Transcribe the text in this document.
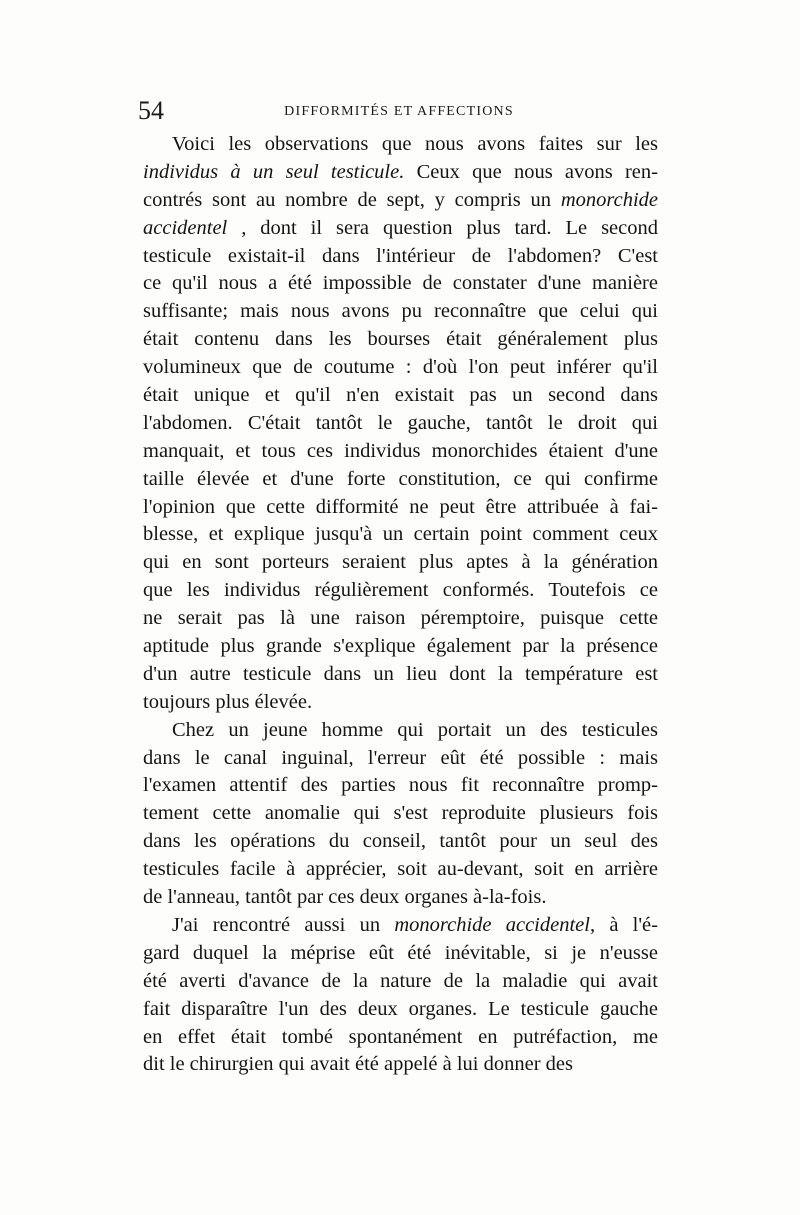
54	DIFFORMITÉS ET AFFECTIONS
Voici les observations que nous avons faites sur les
individus à un seul testicule. Ceux que nous avons ren-
contrés sont au nombre de sept, y compris un monorchide
accidentel , dont il sera question plus tard. Le second
testicule existait-il dans l'intérieur de l'abdomen? C'est
ce qu'il nous a été impossible de constater d'une manière
suffisante; mais nous avons pu reconnaître que celui qui
était contenu dans les bourses était généralement plus
volumineux que de coutume : d'où l'on peut inférer qu'il
était unique et qu'il n'en existait pas un second dans
l'abdomen. C'était tantôt le gauche, tantôt le droit qui
manquait, et tous ces individus monorchides étaient d'une
taille élevée et d'une forte constitution, ce qui confirme
l'opinion que cette difformité ne peut être attribuée à fai-
blesse, et explique jusqu'à un certain point comment ceux
qui en sont porteurs seraient plus aptes à la génération
que les individus régulièrement conformés. Toutefois ce
ne serait pas là une raison péremptoire, puisque cette
aptitude plus grande s'explique également par la présence
d'un autre testicule dans un lieu dont la température est
toujours plus élevée.
Chez un jeune homme qui portait un des testicules
dans le canal inguinal, l'erreur eût été possible : mais
l'examen attentif des parties nous fit reconnaître promp-
tement cette anomalie qui s'est reproduite plusieurs fois
dans les opérations du conseil, tantôt pour un seul des
testicules facile à apprécier, soit au-devant, soit en arrière
de l'anneau, tantôt par ces deux organes à-la-fois.
J'ai rencontré aussi un monorchide accidentel, à l'é-
gard duquel la méprise eût été inévitable, si je n'eusse
été averti d'avance de la nature de la maladie qui avait
fait disparaître l'un des deux organes. Le testicule gauche
en effet était tombé spontanément en putréfaction, me
dit le chirurgien qui avait été appelé à lui donner des
